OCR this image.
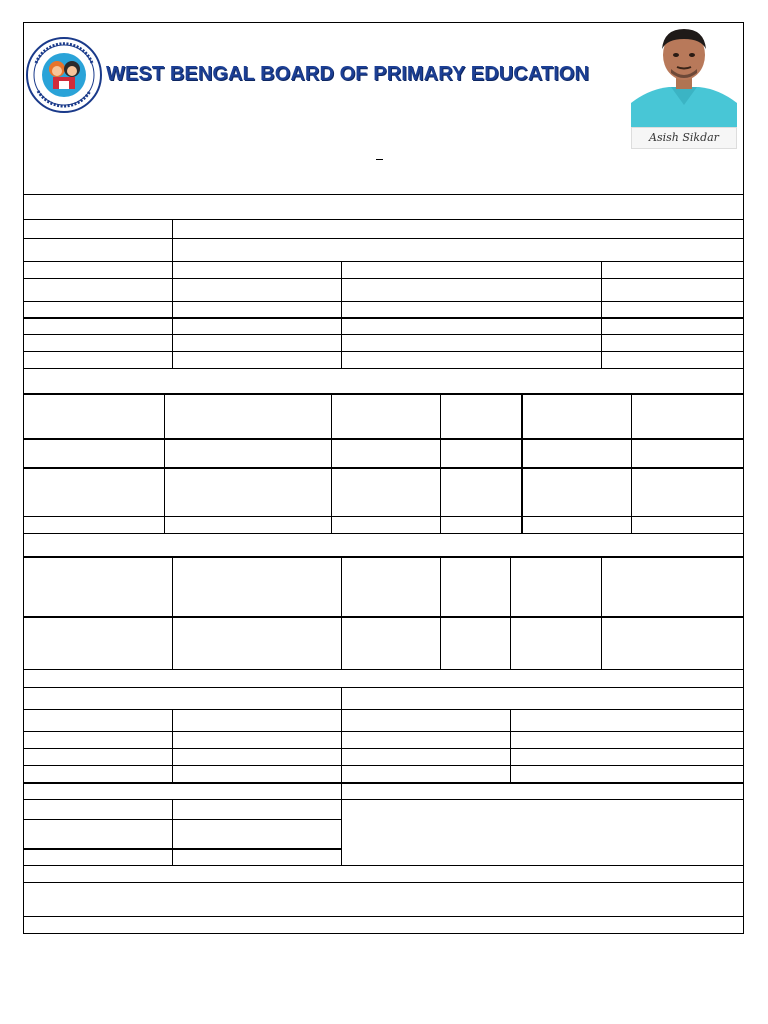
WEST BENGAL BOARD OF PRIMARY EDUCATION
Asish Sikdar
